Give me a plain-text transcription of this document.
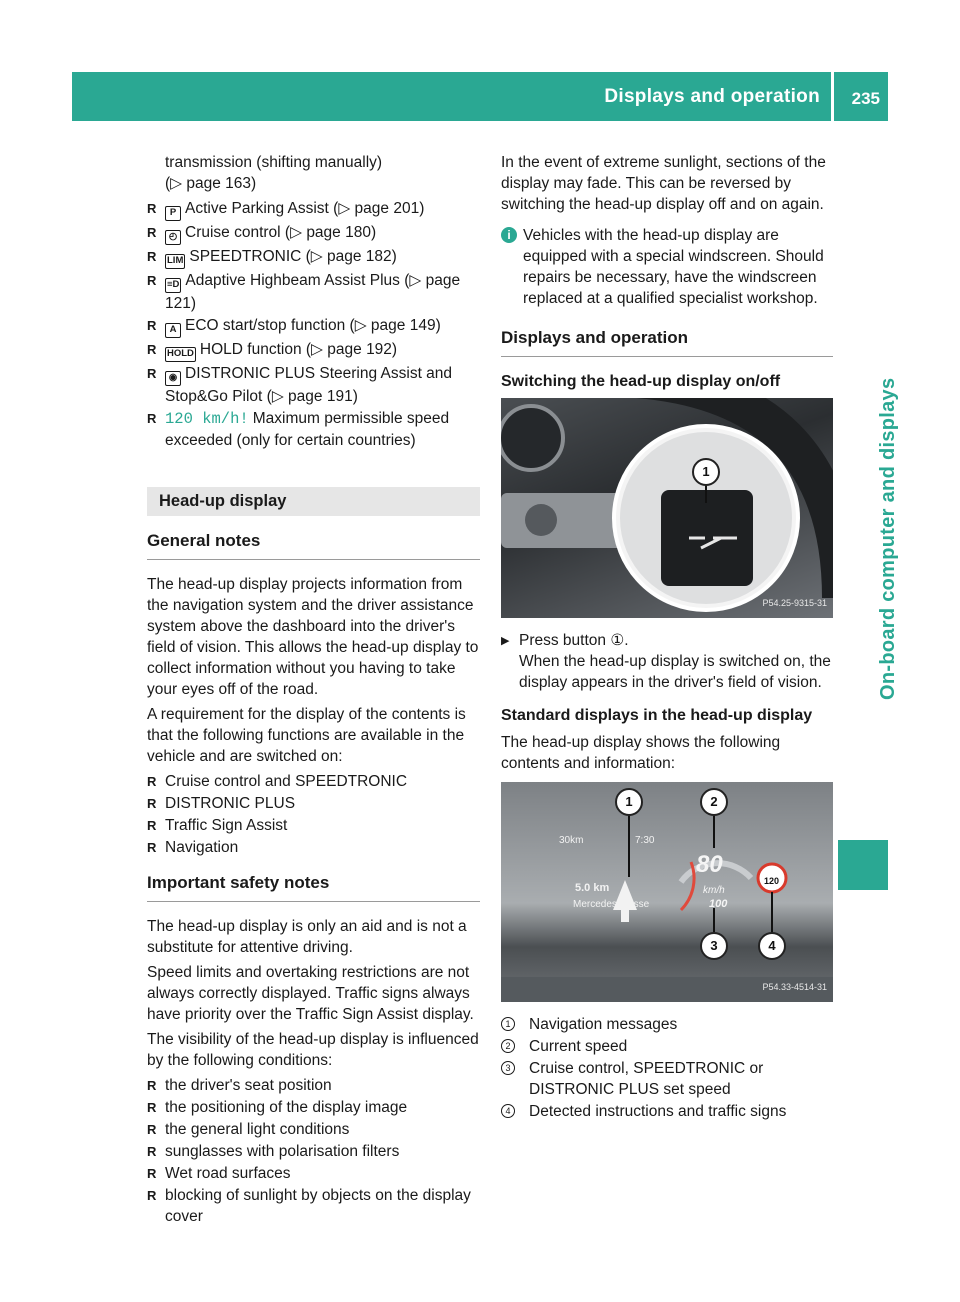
Displays and operation 235
On-board computer and displays

transmission (shifting manually)

(▷ page 163)

R P Active Parking Assist (▷ page 201)
R ◴ Cruise control (▷ page 180)
R LIM SPEEDTRONIC (▷ page 182)
R ≡D Adaptive Highbeam Assist Plus (▷ page 121)
R A ECO start/stop function (▷ page 149)
R HOLD HOLD function (▷ page 192)
R ◉ DISTRONIC PLUS Steering Assist and Stop&Go Pilot (▷ page 191)
R 120 km/h! Maximum permissible speed exceeded (only for certain countries)
Head-up display
General notes

The head-up display projects information from the navigation system and the driver assistance system above the dashboard into the driver's field of vision. This allows the head-up display to collect information without you having to take your eyes off of the road.

A requirement for the display of the contents is that the following functions are available in the vehicle and are switched on:

R Cruise control and SPEEDTRONIC
R DISTRONIC PLUS
R Traffic Sign Assist
R Navigation
Important safety notes

The head-up display is only an aid and is not a substitute for attentive driving.

Speed limits and overtaking restrictions are not always correctly displayed. Traffic signs always have priority over the Traffic Sign Assist display.

The visibility of the head-up display is influenced by the following conditions:

R the driver's seat position
R the positioning of the display image
R the general light conditions
R sunglasses with polarisation filters
R Wet road surfaces
R blocking of sunlight by objects on the display cover

In the event of extreme sunlight, sections of the display may fade. This can be reversed by switching the head-up display off and on again.

i Vehicles with the head-up display are equipped with a special windscreen. Should repairs be necessary, have the windscreen replaced at a qualified specialist workshop.
Displays and operation
Switching the head-up display on/off
1
P54.25-9315-31
▶ Press button ①.

When the head-up display is switched on, the display appears in the driver's field of vision.

Standard displays in the head-up display

The head-up display shows the following contents and information:

30km	7:30
5.0 km
Mercedesstrasse
80
km/h
100
120
1	2
3	4
P54.33-4514-31
1 Navigation messages
2 Current speed
3 Cruise control, SPEEDTRONIC or DISTRONIC PLUS set speed
4 Detected instructions and traffic signs
